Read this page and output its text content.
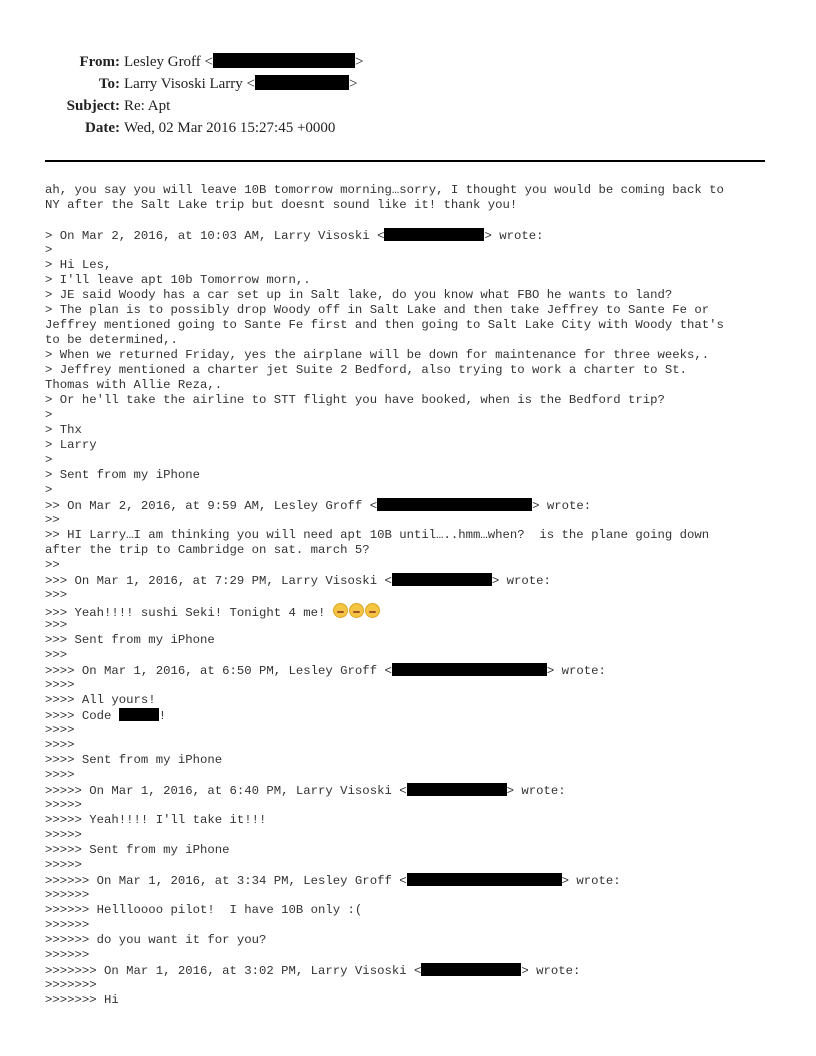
From: Lesley Groff <	>
To: Larry Visoski Larry <	>
Subject: Re: Apt
Date: Wed, 02 Mar 2016 15:27:45 +0000
ah, you say you will leave 10B tomorrow morning…sorry, I thought you would be coming back to
NY after the Salt Lake trip but doesnt sound like it! thank you!
> On Mar 2, 2016, at 10:03 AM, Larry Visoski <	> wrote:
>
> Hi Les,
> I'll leave apt 10b Tomorrow morn,.
> JE said Woody has a car set up in Salt lake, do you know what FBO he wants to land?
> The plan is to possibly drop Woody off in Salt Lake and then take Jeffrey to Sante Fe or
Jeffrey mentioned going to Sante Fe first and then going to Salt Lake City with Woody that's
to be determined,.
> When we returned Friday, yes the airplane will be down for maintenance for three weeks,.
> Jeffrey mentioned a charter jet Suite 2 Bedford, also trying to work a charter to St.
Thomas with Allie Reza,.
> Or he'll take the airline to STT flight you have booked, when is the Bedford trip?
>
> Thx
> Larry
>
> Sent from my iPhone
>
>> On Mar 2, 2016, at 9:59 AM, Lesley Groff <	> wrote:
>>
>> HI Larry…I am thinking you will need apt 10B until…..hmm…when?  is the plane going down
after the trip to Cambridge on sat. march 5?
>>
>>> On Mar 1, 2016, at 7:29 PM, Larry Visoski <	> wrote:
>>>
>>> Yeah!!!! sushi Seki! Tonight 4 me!
>>>
>>> Sent from my iPhone
>>>
>>>> On Mar 1, 2016, at 6:50 PM, Lesley Groff <	> wrote:
>>>>
>>>> All yours!
>>>> Code	!
>>>>
>>>>
>>>> Sent from my iPhone
>>>>
>>>>> On Mar 1, 2016, at 6:40 PM, Larry Visoski <	> wrote:
>>>>>
>>>>> Yeah!!!! I'll take it!!!
>>>>>
>>>>> Sent from my iPhone
>>>>>
>>>>>> On Mar 1, 2016, at 3:34 PM, Lesley Groff <	> wrote:
>>>>>>
>>>>>> Hellloooo pilot!  I have 10B only :(
>>>>>>
>>>>>> do you want it for you?
>>>>>>
>>>>>>> On Mar 1, 2016, at 3:02 PM, Larry Visoski <	> wrote:
>>>>>>>
>>>>>>> Hi
